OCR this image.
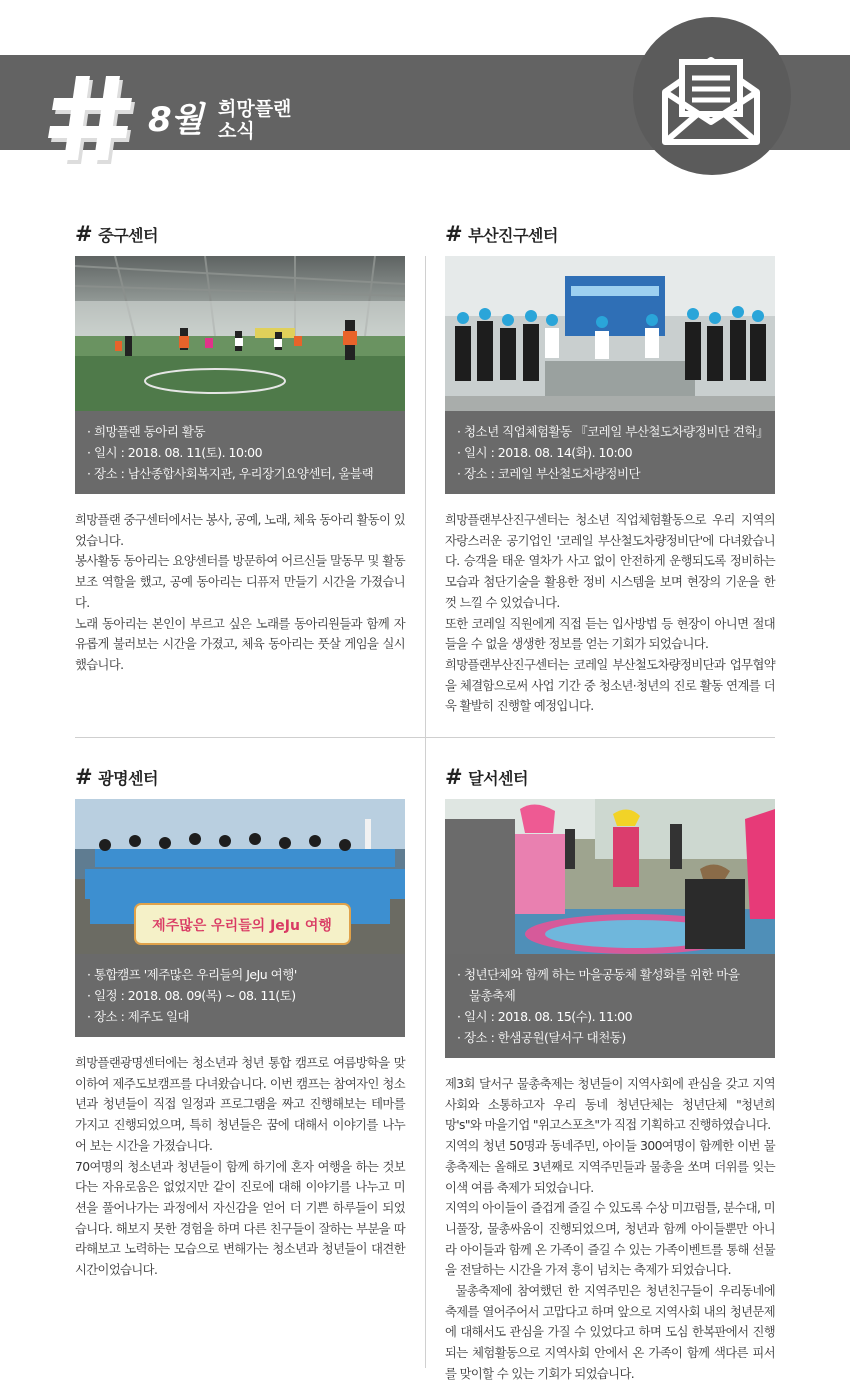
8월 희망플랜
소식
# 중구센터
· 희망플랜 동아리 활동
· 일시 : 2018. 08. 11(토). 10:00
· 장소 : 남산종합사회복지관, 우리장기요양센터, 울블랙

희망플랜 중구센터에서는 봉사, 공예, 노래, 체육 동아리 활동이 있었습니다.

봉사활동 동아리는 요양센터를 방문하여 어르신들 말동무 및 활동보조 역할을 했고, 공예 동아리는 디퓨저 만들기 시간을 가졌습니다.

노래 동아리는 본인이 부르고 싶은 노래를 동아리원들과 함께 자유롭게 불러보는 시간을 가졌고, 체육 동아리는 풋살 게임을 실시했습니다.

# 부산진구센터
· 청소년 직업체험활동 『코레일 부산철도차량정비단 견학』
· 일시 : 2018. 08. 14(화). 10:00
· 장소 : 코레일 부산철도차량정비단

희망플랜부산진구센터는 청소년 직업체험활동으로 우리 지역의 자랑스러운 공기업인 '코레일 부산철도차량정비단'에 다녀왔습니다. 승객을 태운 열차가 사고 없이 안전하게 운행되도록 정비하는 모습과 첨단기술을 활용한 정비 시스템을 보며 현장의 기운을 한껏 느낄 수 있었습니다.

또한 코레일 직원에게 직접 듣는 입사방법 등 현장이 아니면 절대 들을 수 없을 생생한 정보를 얻는 기회가 되었습니다.

희망플랜부산진구센터는 코레일 부산철도차량정비단과 업무협약을 체결함으로써 사업 기간 중 청소년·청년의 진로 활동 연계를 더욱 활발히 진행할 예정입니다.

# 광명센터
제주많은 우리들의 JeJu 여행
· 통합캠프 '제주많은 우리들의 JeJu 여행'
· 일정 : 2018. 08. 09(목) ~ 08. 11(토)
· 장소 : 제주도 일대

희망플랜광명센터에는 청소년과 청년 통합 캠프로 여름방학을 맞이하여 제주도보캠프를 다녀왔습니다. 이번 캠프는 참여자인 청소년과 청년들이 직접 일정과 프로그램을 짜고 진행해보는 테마를 가지고 진행되었으며, 특히 청년들은 꿈에 대해서 이야기를 나누어 보는 시간을 가졌습니다.

70여명의 청소년과 청년들이 함께 하기에 혼자 여행을 하는 것보다는 자유로움은 없었지만 같이 진로에 대해 이야기를 나누고 미션을 풀어나가는 과정에서 자신감을 얻어 더 기쁜 하루들이 되었습니다. 해보지 못한 경험을 하며 다른 친구들이 잘하는 부분을 따라해보고 노력하는 모습으로 변해가는 청소년과 청년들이 대견한 시간이었습니다.

# 달서센터
· 청년단체와 함께 하는 마을공동체 활성화를 위한 마을
물총축제
· 일시 : 2018. 08. 15(수). 11:00
· 장소 : 한샘공원(달서구 대천동)

제3회 달서구 물총축제는 청년들이 지역사회에 관심을 갖고 지역사회와 소통하고자 우리 동네 청년단체는 청년단체 "청년희망's"와 마을기업 "위고스포츠"가 직접 기획하고 진행하였습니다.

지역의 청년 50명과 동네주민, 아이들 300여명이 함께한 이번 물총축제는 올해로 3년째로 지역주민들과 물총을 쏘며 더위를 잊는 이색 여름 축제가 되었습니다.

지역의 아이들이 즐겁게 즐길 수 있도록 수상 미끄럼틀, 분수대, 미니풀장, 물총싸움이 진행되었으며, 청년과 함께 아이들뿐만 아니라 아이들과 함께 온 가족이 즐길 수 있는 가족이벤트를 통해 선물을 전달하는 시간을 가져 흥이 넘치는 축제가 되었습니다.

물총축제에 참여했던 한 지역주민은 청년친구들이 우리동네에 축제를 열어주어서 고맙다고 하며 앞으로 지역사회 내의 청년문제에 대해서도 관심을 가질 수 있었다고 하며 도심 한복판에서 진행되는 체험활동으로 지역사회 안에서 온 가족이 함께 색다른 피서를 맞이할 수 있는 기회가 되었습니다.
